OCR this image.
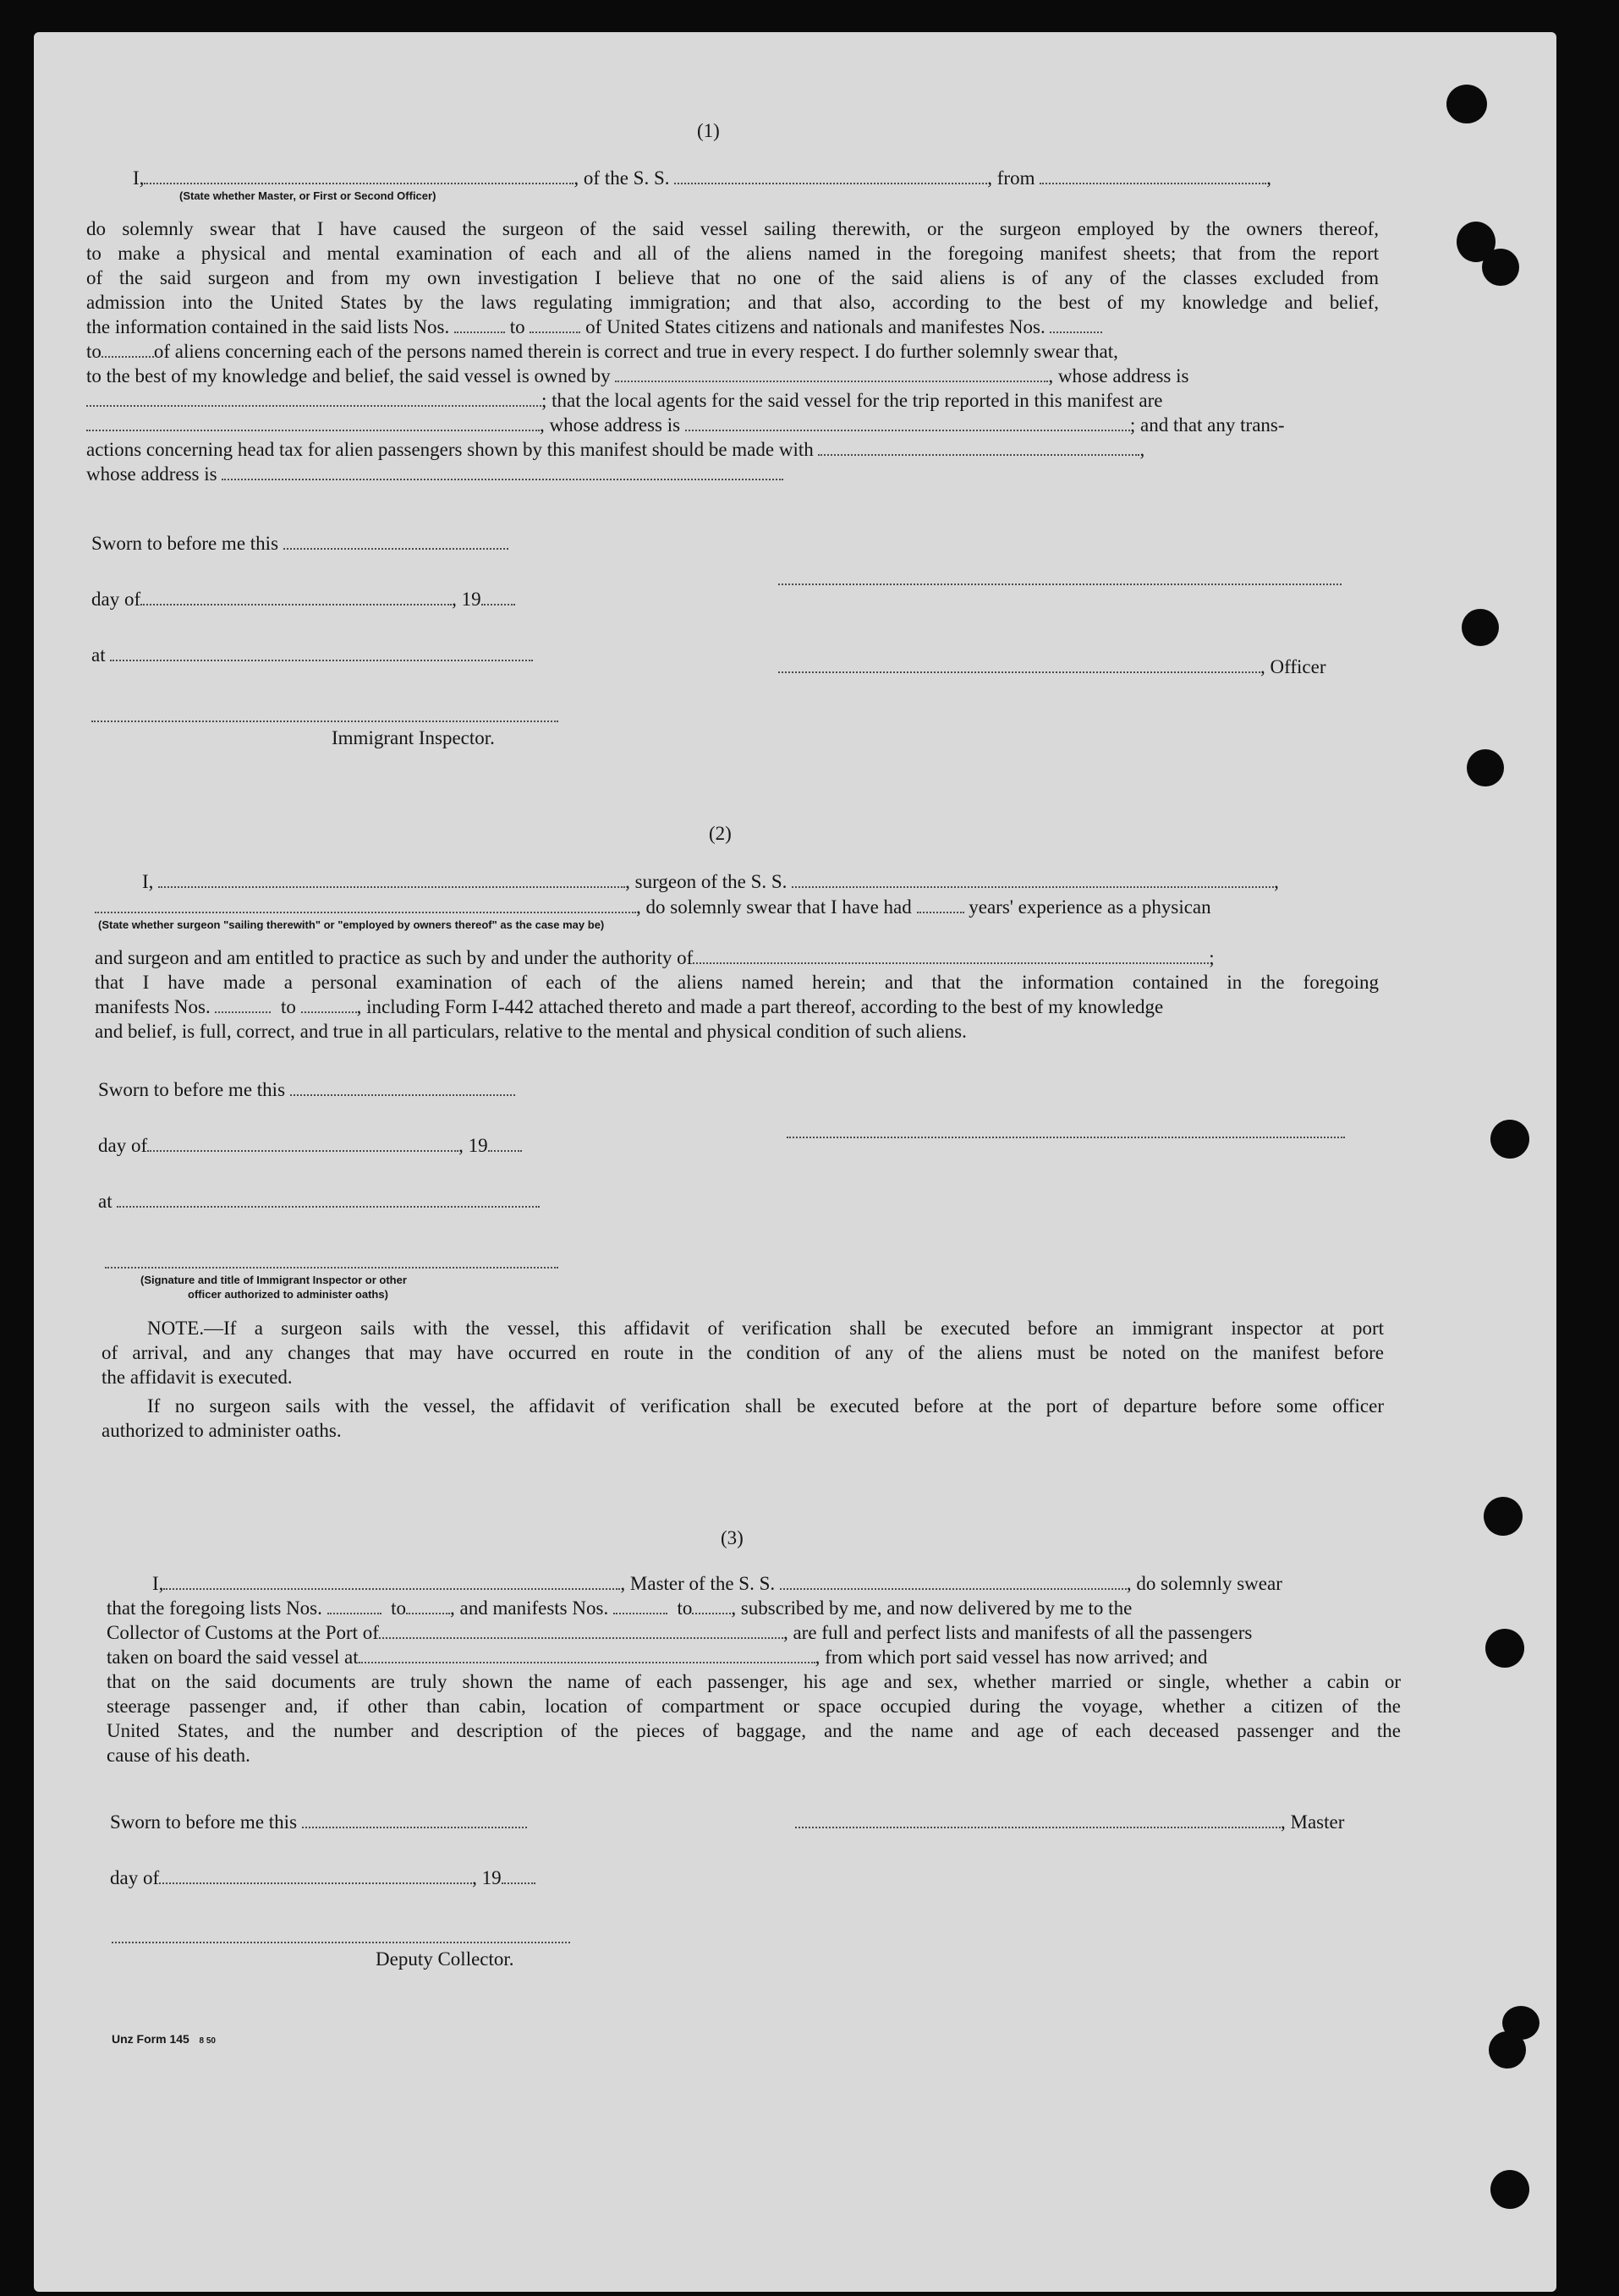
(1)
I,	, of the S. S.	, from	,
(State whether Master, or First or Second Officer)
do solemnly swear that I have caused the surgeon of the said vessel sailing therewith, or the surgeon employed by the owners thereof,
to make a physical and mental examination of each and all of the aliens named in the foregoing manifest sheets; that from the report
of the said surgeon and from my own investigation I believe that no one of the said aliens is of any of the classes excluded from
admission into the United States by the laws regulating immigration; and that also, according to the best of my knowledge and belief,
the information contained in the said lists Nos.	to	of United States citizens and nationals and manifestes Nos.
to	of aliens concerning each of the persons named therein is correct and true in every respect. I do further solemnly swear that,
to the best of my knowledge and belief, the said vessel is owned by	, whose address is
; that the local agents for the said vessel for the trip reported in this manifest are
, whose address is	; and that any trans-
actions concerning head tax for alien passengers shown by this manifest should be made with	,
whose address is
Sworn to before me this
day of	, 19
at
, Officer
Immigrant Inspector.
(2)
I,	, surgeon of the S. S.	,
, do solemnly swear that I have had	years' experience as a physican
(State whether surgeon "sailing therewith" or "employed by owners thereof" as the case may be)
and surgeon and am entitled to practice as such by and under the authority of	;
that I have made a personal examination of each of the aliens named herein; and that the information contained in the foregoing
manifests Nos.	to	, including Form I-442 attached thereto and made a part thereof, according to the best of my knowledge
and belief, is full, correct, and true in all particulars, relative to the mental and physical condition of such aliens.
Sworn to before me this
day of	, 19
at
(Signature and title of Immigrant Inspector or other
officer authorized to administer oaths)
NOTE.—If a surgeon sails with the vessel, this affidavit of verification shall be executed before an immigrant inspector at port
of arrival, and any changes that may have occurred en route in the condition of any of the aliens must be noted on the manifest before
the affidavit is executed.
If no surgeon sails with the vessel, the affidavit of verification shall be executed before at the port of departure before some officer
authorized to administer oaths.
(3)
I,	, Master of the S. S.	, do solemnly swear
that the foregoing lists Nos.	to , and manifests Nos.	to , subscribed by me, and now delivered by me to the
Collector of Customs at the Port of	, are full and perfect lists and manifests of all the passengers
taken on board the said vessel at	, from which port said vessel has now arrived; and
that on the said documents are truly shown the name of each passenger, his age and sex, whether married or single, whether a cabin or
steerage passenger and, if other than cabin, location of compartment or space occupied during the voyage, whether a citizen of the
United States, and the number and description of the pieces of baggage, and the name and age of each deceased passenger and the
cause of his death.
Sworn to before me this	, Master
day of	, 19
Deputy Collector.
Unz Form 145 8 50
